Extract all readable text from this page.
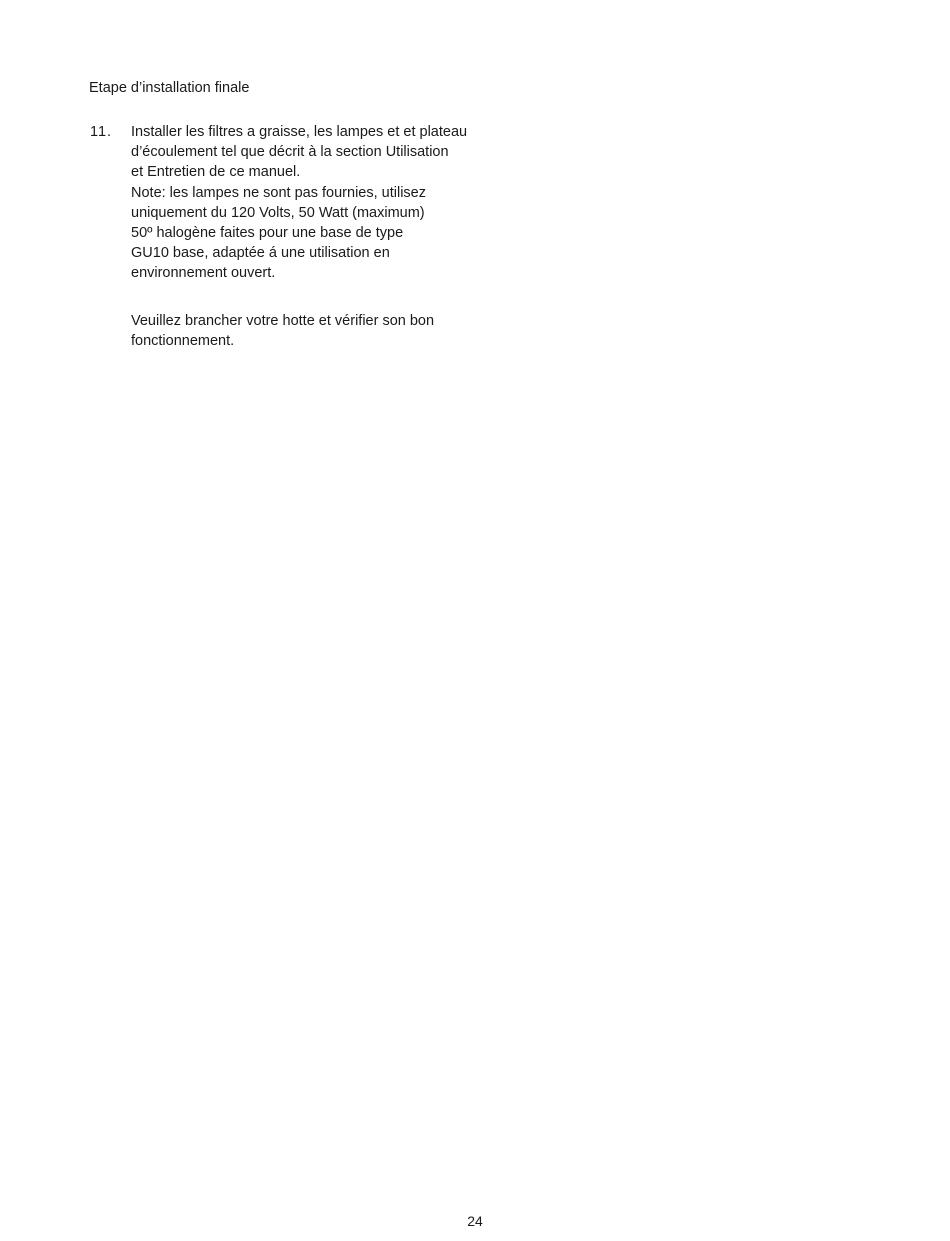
Etape d’installation finale
11. Installer les filtres a graisse, les lampes et et plateau
d’écoulement tel que décrit à la section Utilisation
et Entretien de ce manuel.
Note: les lampes ne sont pas fournies, utilisez
uniquement du 120 Volts, 50 Watt (maximum)
50º halogène faites pour une base de type
GU10 base, adaptée á une utilisation en
environnement ouvert.
Veuillez brancher votre hotte et vérifier son bon
fonctionnement.
24
